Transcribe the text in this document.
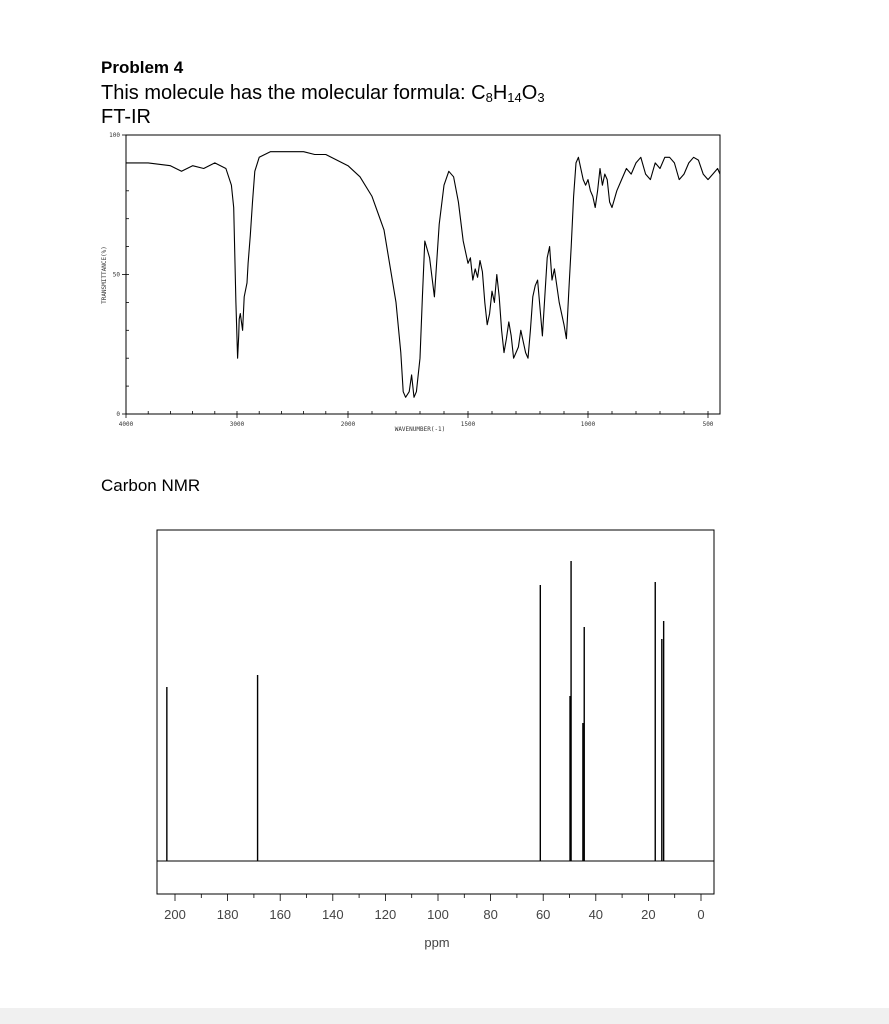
Problem 4
This molecule has the molecular formula: $C_8H_{14}O_3$
FT-IR
Carbon NMR
4000	3000	2000	1500	1000	500
100
50
0
WAVENUMBER(-1)
TRANSMITTANCE(%)
200 180 160 140 120 100	80	60	40	20	0
ppm
